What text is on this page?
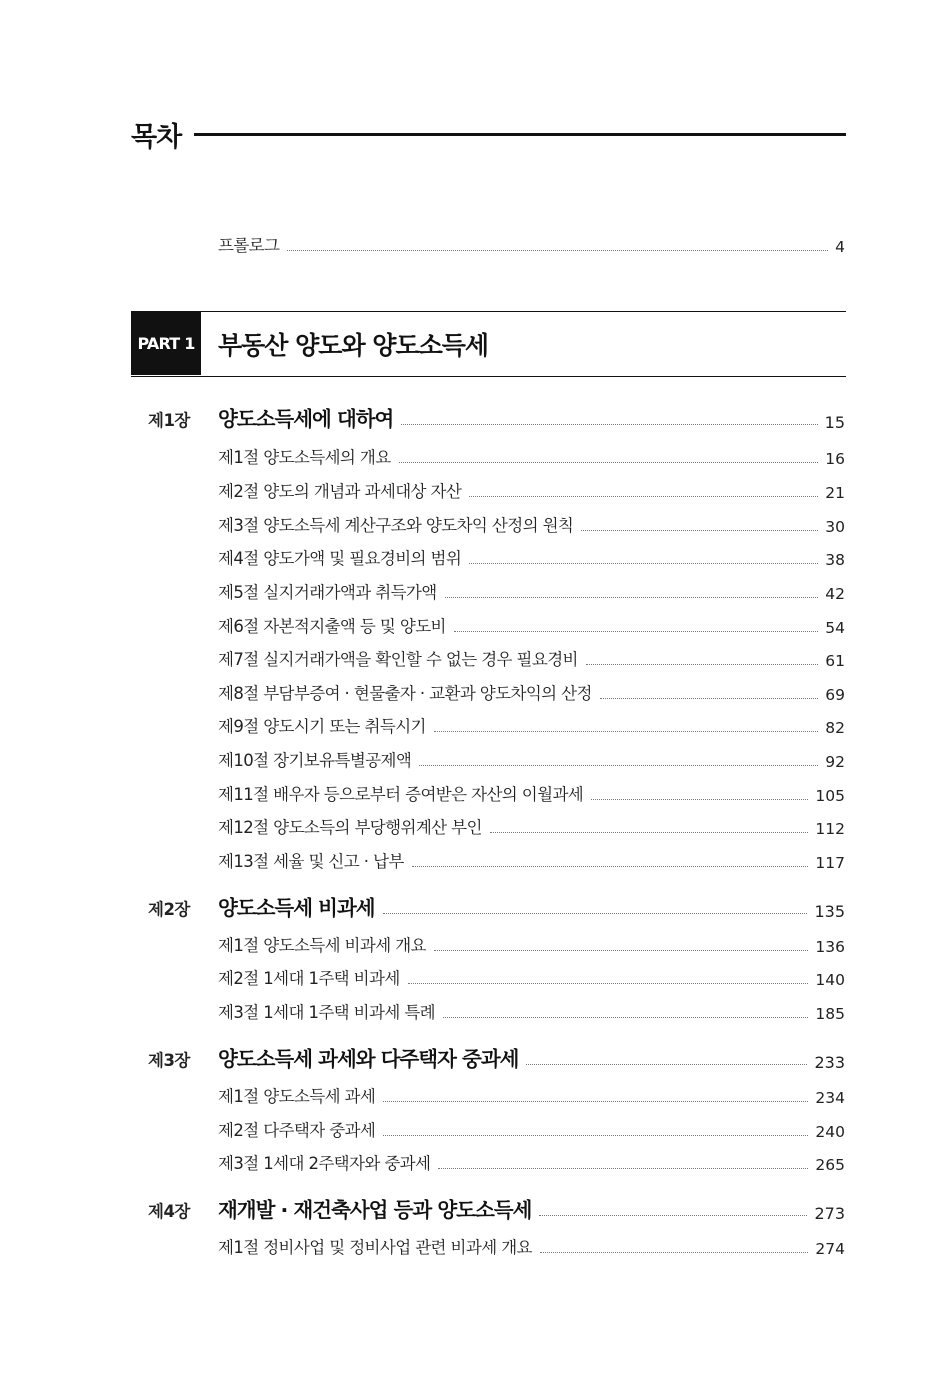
목차
프롤로그	4
PART 1 부동산 양도와 양도소득세
제1장 양도소득세에 대하여	15
제1절 양도소득세의 개요	16
제2절 양도의 개념과 과세대상 자산	21
제3절 양도소득세 계산구조와 양도차익 산정의 원칙	30
제4절 양도가액 및 필요경비의 범위	38
제5절 실지거래가액과 취득가액	42
제6절 자본적지출액 등 및 양도비	54
제7절 실지거래가액을 확인할 수 없는 경우 필요경비	61
제8절 부담부증여 · 현물출자 · 교환과 양도차익의 산정	69
제9절 양도시기 또는 취득시기	82
제10절 장기보유특별공제액	92
제11절 배우자 등으로부터 증여받은 자산의 이월과세	105
제12절 양도소득의 부당행위계산 부인	112
제13절 세율 및 신고 · 납부	117
제2장 양도소득세 비과세	135
제1절 양도소득세 비과세 개요	136
제2절 1세대 1주택 비과세	140
제3절 1세대 1주택 비과세 특례	185
제3장 양도소득세 과세와 다주택자 중과세	233
제1절 양도소득세 과세	234
제2절 다주택자 중과세	240
제3절 1세대 2주택자와 중과세	265
제4장 재개발 · 재건축사업 등과 양도소득세	273
제1절 정비사업 및 정비사업 관련 비과세 개요	274
